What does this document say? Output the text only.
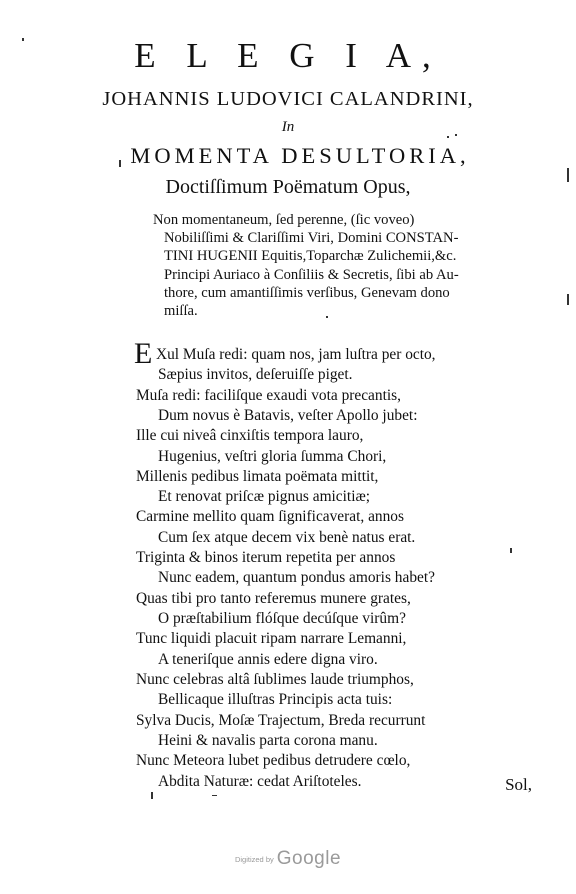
E L E G I A,
JOHANNIS LUDOVICI CALANDRINI,
In
MOMENTA DESULTORIA,
Doctiſſimum Poëmatum Opus,
Non momentaneum, ſed perenne, (ſic voveo)
Nobiliſſimi & Clariſſimi Viri, Domini CONSTAN-
TINI HUGENII Equitis,Toparchæ Zulichemii,&c.
Principi Auriaco à Conſiliis & Secretis, ſibi ab Au-
thore, cum amantiſſimis verſibus, Genevam dono
miſſa.
E Xul Muſa redi: quam nos, jam luſtra per octo,
Sæpius invitos, deſeruiſſe piget.
Muſa redi: faciliſque exaudi vota precantis,
Dum novus è Batavis, veſter Apollo jubet:
Ille cui niveâ cinxiſtis tempora lauro,
Hugenius, veſtri gloria ſumma Chori,
Millenis pedibus limata poëmata mittit,
Et renovat priſcæ pignus amicitiæ;
Carmine mellito quam ſignificaverat, annos
Cum ſex atque decem vix benè natus erat.
Triginta & binos iterum repetita per annos
Nunc eadem, quantum pondus amoris habet?
Quas tibi pro tanto referemus munere grates,
O præſtabilium flóſque decúſque virûm?
Tunc liquidi placuit ripam narrare Lemanni,
A teneriſque annis edere digna viro.
Nunc celebras altâ ſublimes laude triumphos,
Bellicaque illuſtras Principis acta tuis:
Sylva Ducis, Moſæ Trajectum, Breda recurrunt
Heini & navalis parta corona manu.
Nunc Meteora lubet pedibus detrudere cœlo,
Abdita Naturæ: cedat Ariſtoteles.	Sol,
Digitized by Google
